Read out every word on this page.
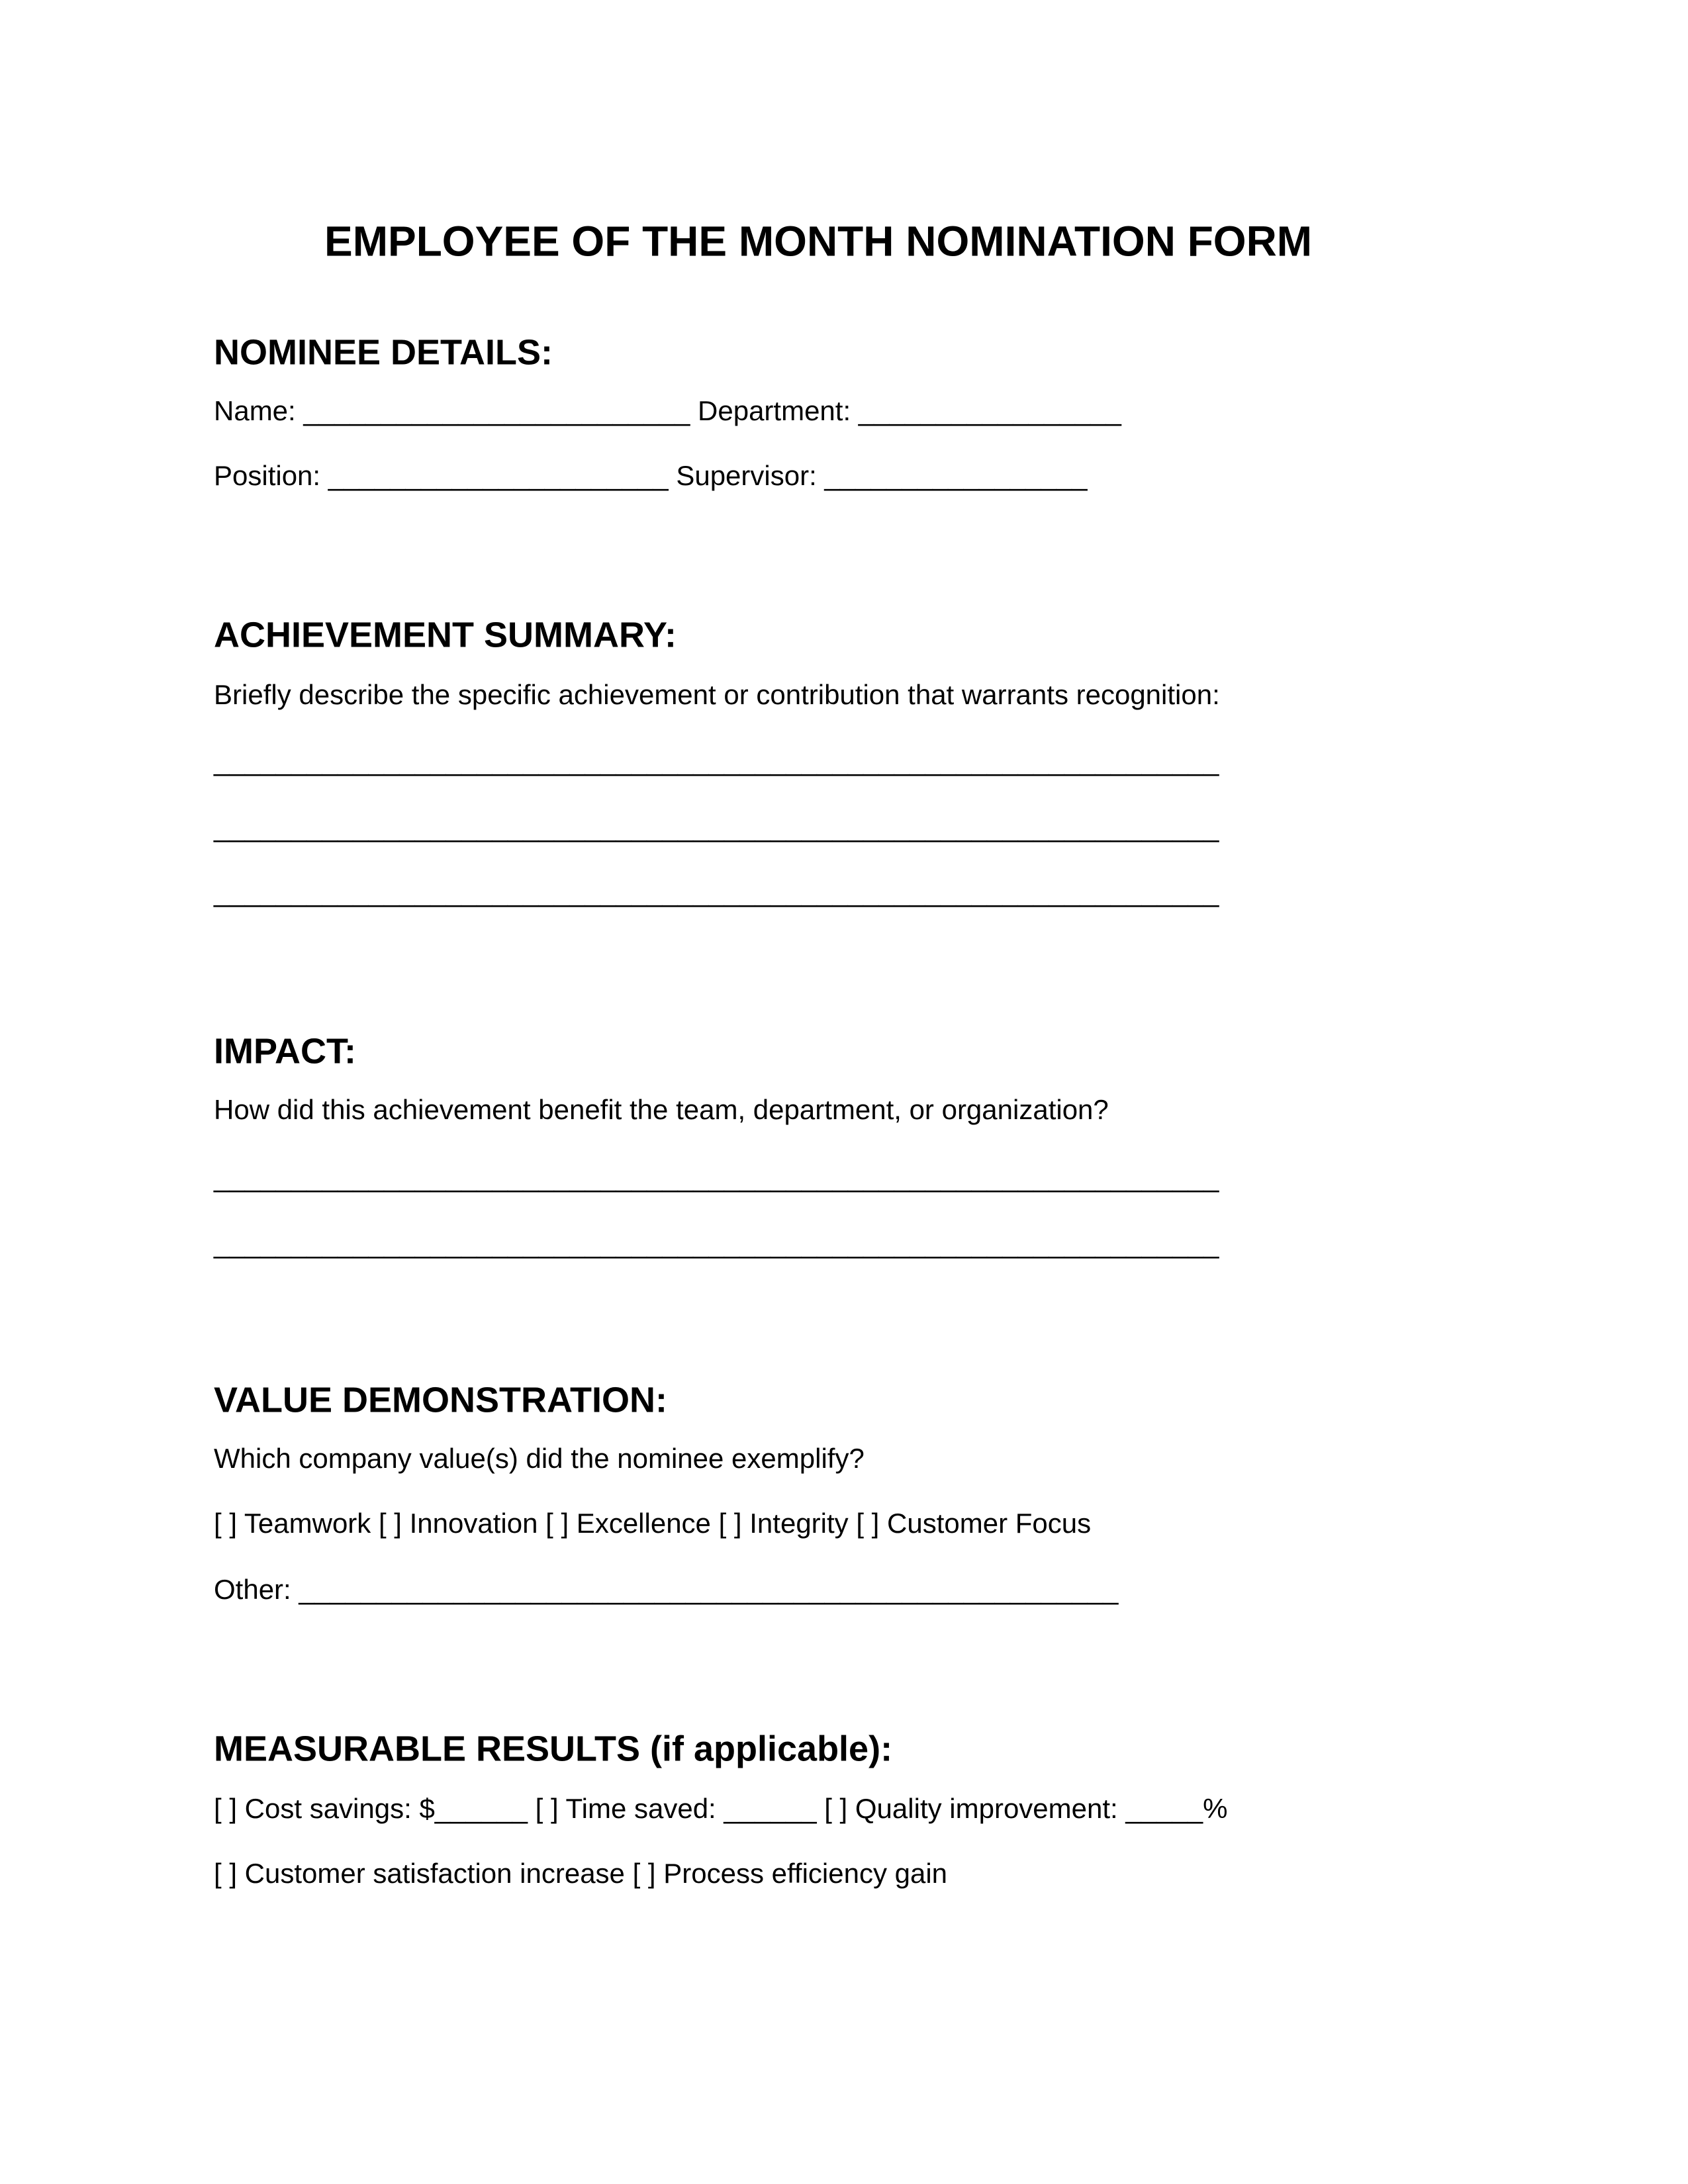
EMPLOYEE OF THE MONTH NOMINATION FORM
NOMINEE DETAILS:
Name: _________________________ Department: _________________
Position: ______________________ Supervisor: _________________
ACHIEVEMENT SUMMARY:
Briefly describe the specific achievement or contribution that warrants recognition:
_________________________________________________________________
_________________________________________________________________
_________________________________________________________________
IMPACT:
How did this achievement benefit the team, department, or organization?
_________________________________________________________________
_________________________________________________________________
VALUE DEMONSTRATION:
Which company value(s) did the nominee exemplify?
[ ] Teamwork [ ] Innovation [ ] Excellence [ ] Integrity [ ] Customer Focus
Other: _____________________________________________________
MEASURABLE RESULTS (if applicable):
[ ] Cost savings: $______ [ ] Time saved: ______ [ ] Quality improvement: _____%
[ ] Customer satisfaction increase [ ] Process efficiency gain
